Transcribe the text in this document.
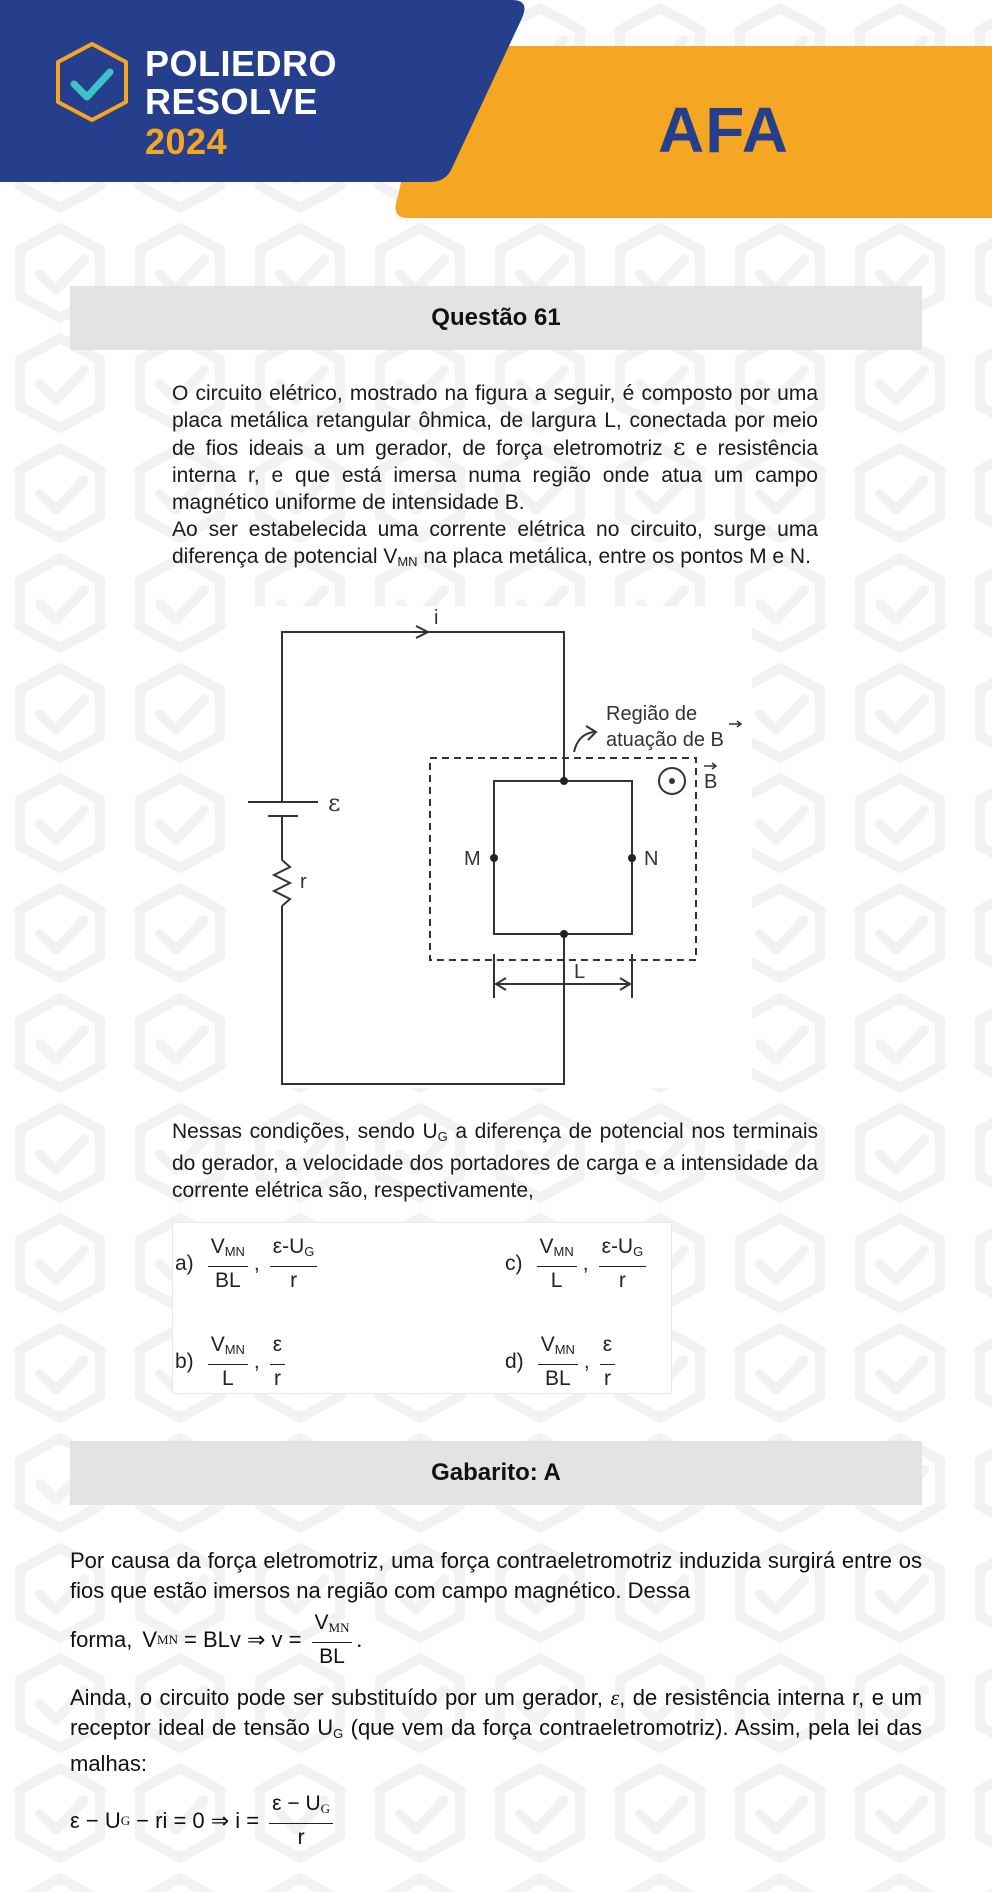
POLIEDRO
RESOLVE
2024	AFA
Questão 61

O circuito elétrico, mostrado na figura a seguir, é composto por uma placa metálica retangular ôhmica, de largura L, conectada por meio de fios ideais a um gerador, de força eletromotriz ε e resistência interna r, e que está imersa numa região onde atua um campo magnético uniforme de intensidade B.

Ao ser estabelecida uma corrente elétrica no circuito, surge uma diferença de potencial $V_{MN}$ na placa metálica, entre os pontos M e N.

i
ε
r
Região de
atuação de B
B
M	N
L

Nessas condições, sendo $U_G$ a diferença de potencial nos terminais do gerador, a velocidade dos portadores de carga e a intensidade da corrente elétrica são, respectivamente,

$a) \frac{V_{MN}}{BL}$ , $\frac{\varepsilon-U_G}{r}$
$b) \frac{V_{MN}}{L}$ , $\frac{\varepsilon}{r}$
$c) \frac{V_{MN}}{L}$ , $\frac{\varepsilon-U_G}{r}$
$d) \frac{V_{MN}}{BL}$ , $\frac{\varepsilon}{r}$
Gabarito: A

Por causa da força eletromotriz, uma força contraeletromotriz induzida surgirá entre os fios que estão imersos na região com campo magnético. Dessa

forma, V MN = BLv ⇒ $v = \frac{V_{MN}}{BL}$ .

Ainda, o circuito pode ser substituído por um gerador, ε, de resistência interna r, e um receptor ideal de tensão $U_G$ (que vem da força contraeletromotriz). Assim, pela lei das malhas:

ε − U G − ri = 0 ⇒ $i = \frac{\varepsilon - U_G}{r}$
